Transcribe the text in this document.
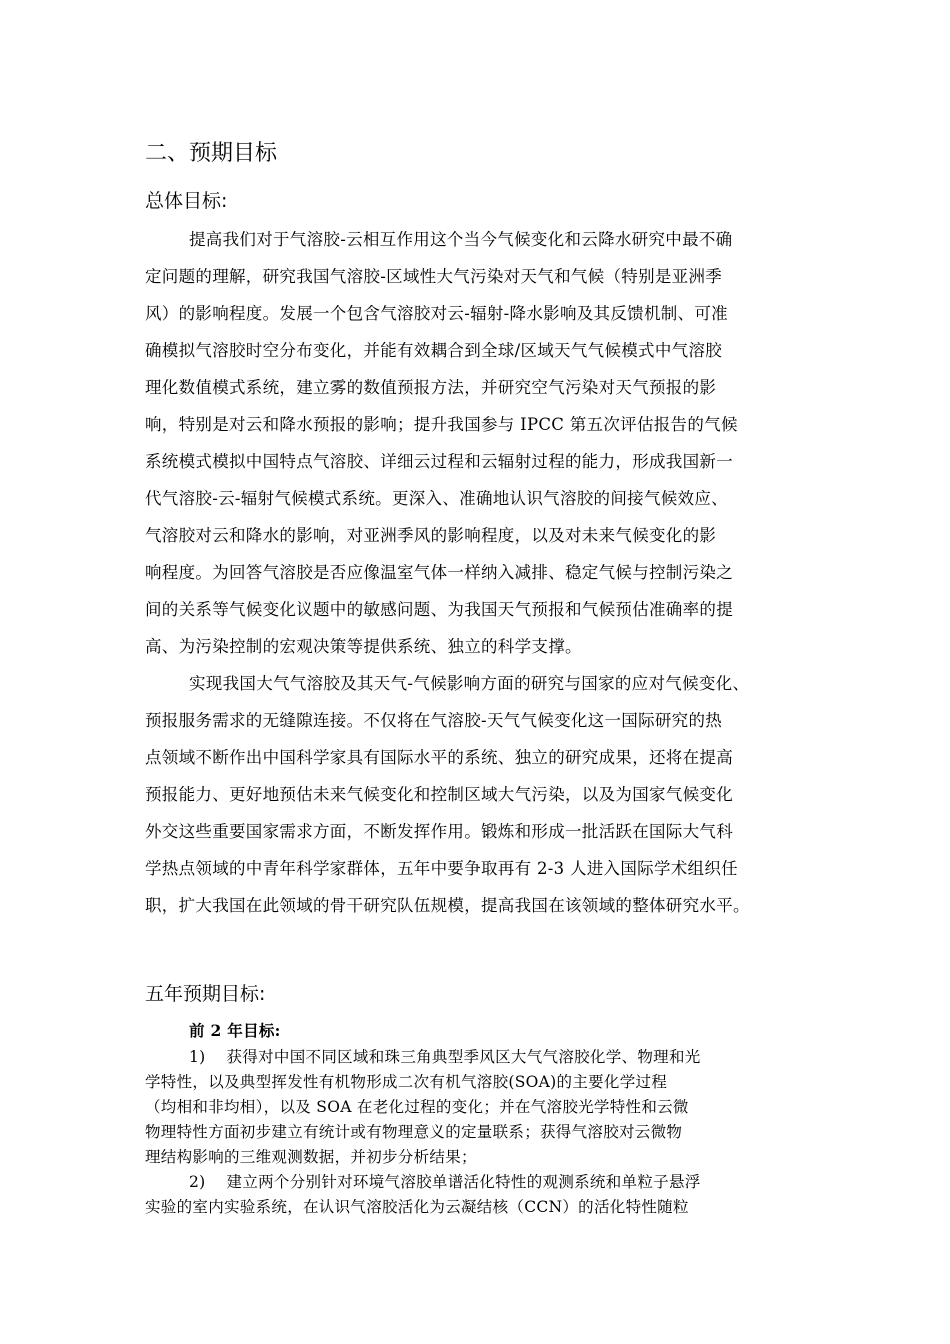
二、预期目标
总体目标:
提高我们对于气溶胶-云相互作用这个当今气候变化和云降水研究中最不确
定问题的理解，研究我国气溶胶-区域性大气污染对天气和气候（特别是亚洲季
风）的影响程度。发展一个包含气溶胶对云-辐射-降水影响及其反馈机制、可准
确模拟气溶胶时空分布变化，并能有效耦合到全球/区域天气气候模式中气溶胶
理化数值模式系统，建立雾的数值预报方法，并研究空气污染对天气预报的影
响，特别是对云和降水预报的影响；提升我国参与 IPCC 第五次评估报告的气候
系统模式模拟中国特点气溶胶、详细云过程和云辐射过程的能力，形成我国新一
代气溶胶-云-辐射气候模式系统。更深入、准确地认识气溶胶的间接气候效应、
气溶胶对云和降水的影响，对亚洲季风的影响程度，以及对未来气候变化的影
响程度。为回答气溶胶是否应像温室气体一样纳入减排、稳定气候与控制污染之
间的关系等气候变化议题中的敏感问题、为我国天气预报和气候预估准确率的提
高、为污染控制的宏观决策等提供系统、独立的科学支撑。
实现我国大气气溶胶及其天气-气候影响方面的研究与国家的应对气候变化、
预报服务需求的无缝隙连接。不仅将在气溶胶-天气气候变化这一国际研究的热
点领域不断作出中国科学家具有国际水平的系统、独立的研究成果，还将在提高
预报能力、更好地预估未来气候变化和控制区域大气污染，以及为国家气候变化
外交这些重要国家需求方面，不断发挥作用。锻炼和形成一批活跃在国际大气科
学热点领域的中青年科学家群体，五年中要争取再有 2-3 人进入国际学术组织任
职，扩大我国在此领域的骨干研究队伍规模，提高我国在该领域的整体研究水平。
五年预期目标:
前 2 年目标:
1)　 获得对中国不同区域和珠三角典型季风区大气气溶胶化学、物理和光
学特性，以及典型挥发性有机物形成二次有机气溶胶(SOA)的主要化学过程
（均相和非均相），以及 SOA 在老化过程的变化；并在气溶胶光学特性和云微
物理特性方面初步建立有统计或有物理意义的定量联系；获得气溶胶对云微物
理结构影响的三维观测数据，并初步分析结果；
2)　 建立两个分别针对环境气溶胶单谱活化特性的观测系统和单粒子悬浮
实验的室内实验系统，在认识气溶胶活化为云凝结核（CCN）的活化特性随粒
